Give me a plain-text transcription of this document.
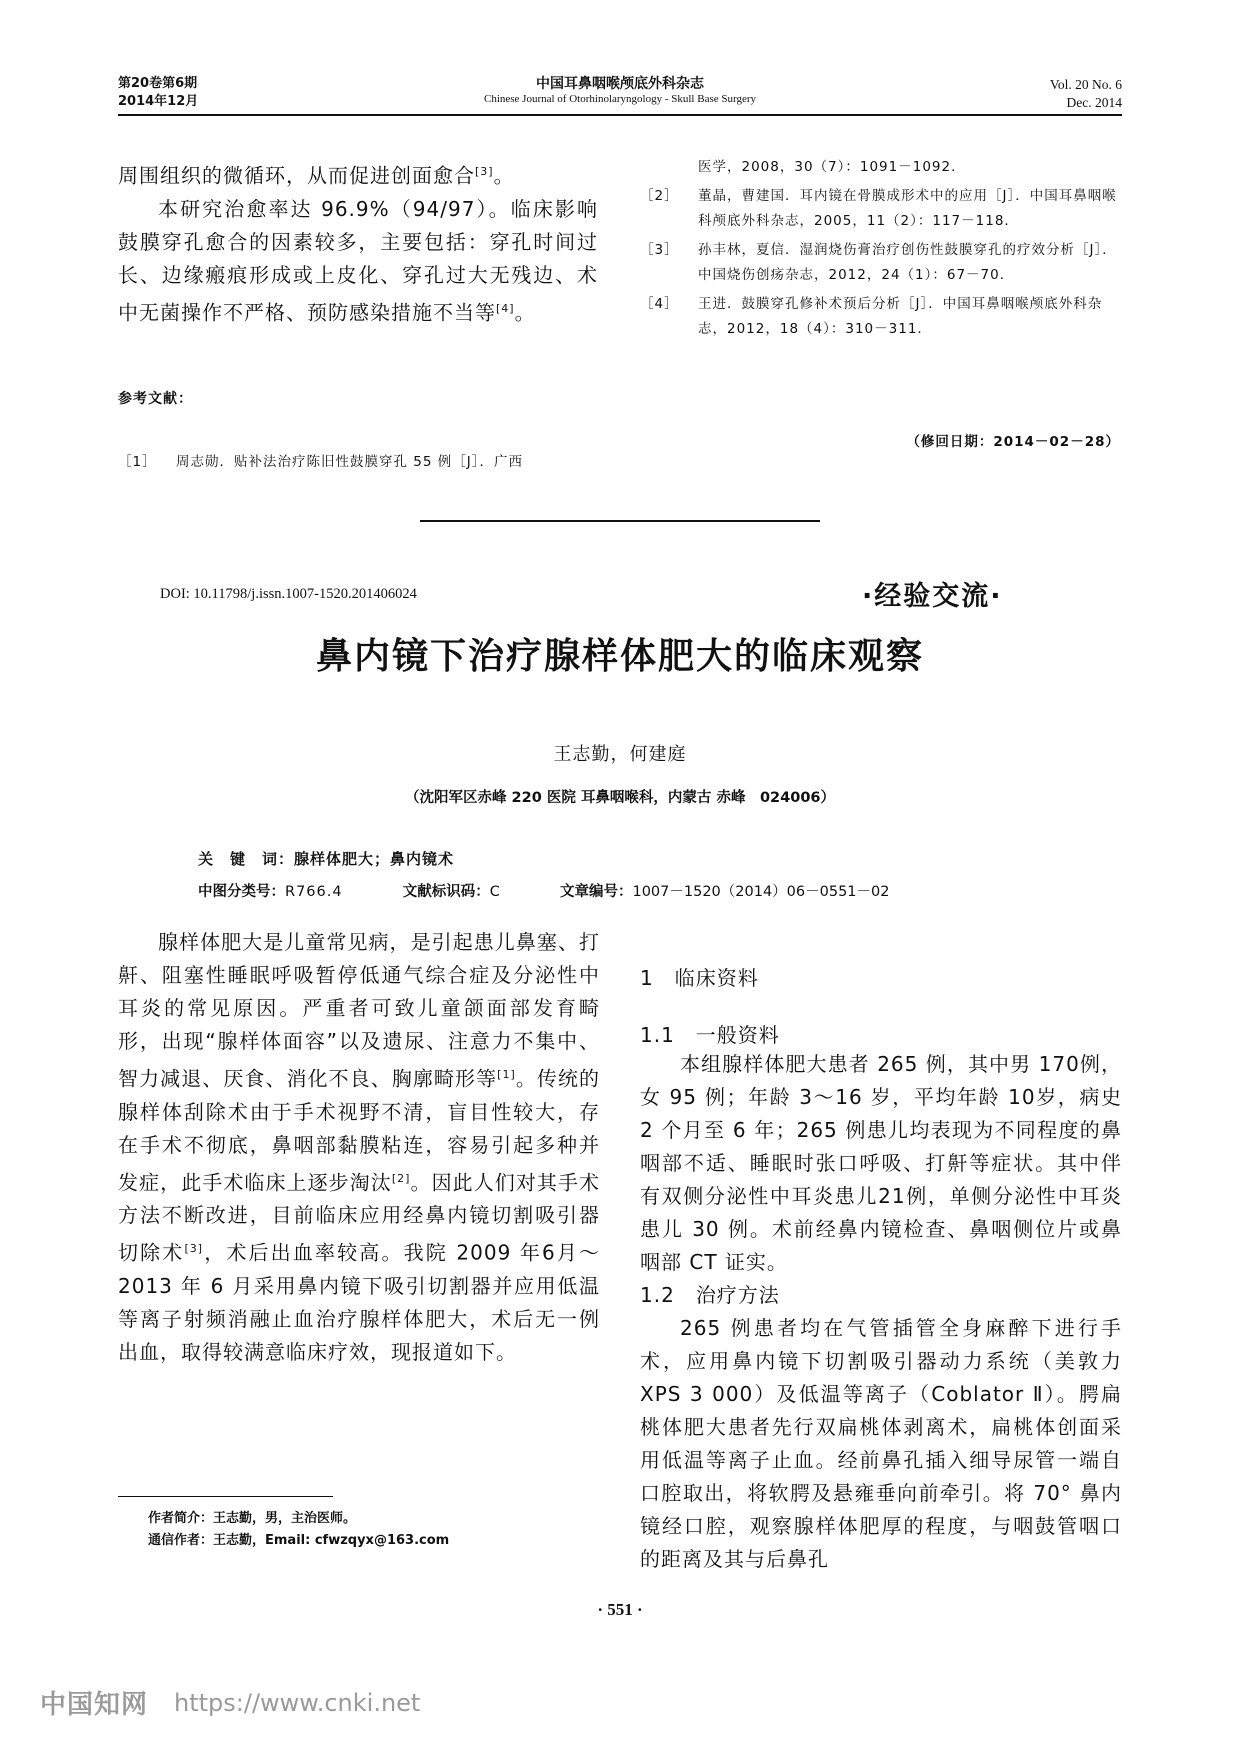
第20卷第6期
2014年12月
中国耳鼻咽喉颅底外科杂志
Chinese Journal of Otorhinolaryngology - Skull Base Surgery
Vol. 20 No. 6
Dec. 2014

周围组织的微循环，从而促进创面愈合[3]。

本研究治愈率达 96.9%（94/97）。临床影响鼓膜穿孔愈合的因素较多，主要包括：穿孔时间过长、边缘瘢痕形成或上皮化、穿孔过大无残边、术中无菌操作不严格、预防感染措施不当等[4]。

参考文献：
［1］	周志勋．贴补法治疗陈旧性鼓膜穿孔 55 例［J］．广西
医学，2008，30（7）：1091－1092．
［2］	董晶，曹建国．耳内镜在骨膜成形术中的应用［J］．中国耳鼻咽喉科颅底外科杂志，2005，11（2）：117－118．
［3］	孙丰林，夏信．湿润烧伤膏治疗创伤性鼓膜穿孔的疗效分析［J］．中国烧伤创疡杂志，2012，24（1）：67－70．
［4］	王进．鼓膜穿孔修补术预后分析［J］．中国耳鼻咽喉颅底外科杂志，2012，18（4）：310－311．
（修回日期：2014－02－28）
DOI: 10.11798/j.issn.1007-1520.201406024	·经验交流·
鼻内镜下治疗腺样体肥大的临床观察
王志勤，何建庭
（沈阳军区赤峰 220 医院 耳鼻咽喉科，内蒙古 赤峰　024006）
关　键　词：腺样体肥大；鼻内镜术
中图分类号：R766.4	文献标识码：C	文章编号：1007－1520（2014）06－0551－02

腺样体肥大是儿童常见病，是引起患儿鼻塞、打鼾、阻塞性睡眠呼吸暂停低通气综合症及分泌性中耳炎的常见原因。严重者可致儿童颌面部发育畸形，出现“腺样体面容”以及遗尿、注意力不集中、智力减退、厌食、消化不良、胸廓畸形等[1]。传统的腺样体刮除术由于手术视野不清，盲目性较大，存在手术不彻底，鼻咽部黏膜粘连，容易引起多种并发症，此手术临床上逐步淘汰[2]。因此人们对其手术方法不断改进，目前临床应用经鼻内镜切割吸引器切除术[3]，术后出血率较高。我院 2009 年6月～2013 年 6 月采用鼻内镜下吸引切割器并应用低温等离子射频消融止血治疗腺样体肥大，术后无一例出血，取得较满意临床疗效，现报道如下。

1　临床资料
1.1　一般资料
本组腺样体肥大患者 265 例，其中男 170例，女 95 例；年龄 3～16 岁，平均年龄 10岁，病史 2 个月至 6 年；265 例患儿均表现为不同程度的鼻咽部不适、睡眠时张口呼吸、打鼾等症状。其中伴有双侧分泌性中耳炎患儿21例，单侧分泌性中耳炎患儿 30 例。术前经鼻内镜检查、鼻咽侧位片或鼻咽部 CT 证实。
1.2　治疗方法
265 例患者均在气管插管全身麻醉下进行手术，应用鼻内镜下切割吸引器动力系统（美敦力 XPS 3 000）及低温等离子（Coblator Ⅱ）。腭扁桃体肥大患者先行双扁桃体剥离术，扁桃体创面采用低温等离子止血。经前鼻孔插入细导尿管一端自口腔取出，将软腭及悬雍垂向前牵引。将 70° 鼻内镜经口腔，观察腺样体肥厚的程度，与咽鼓管咽口的距离及其与后鼻孔
作者简介：王志勤，男，主治医师。
通信作者：王志勤，Email: cfwzqyx@163.com
· 551 ·
中国知网 https://www.cnki.net
